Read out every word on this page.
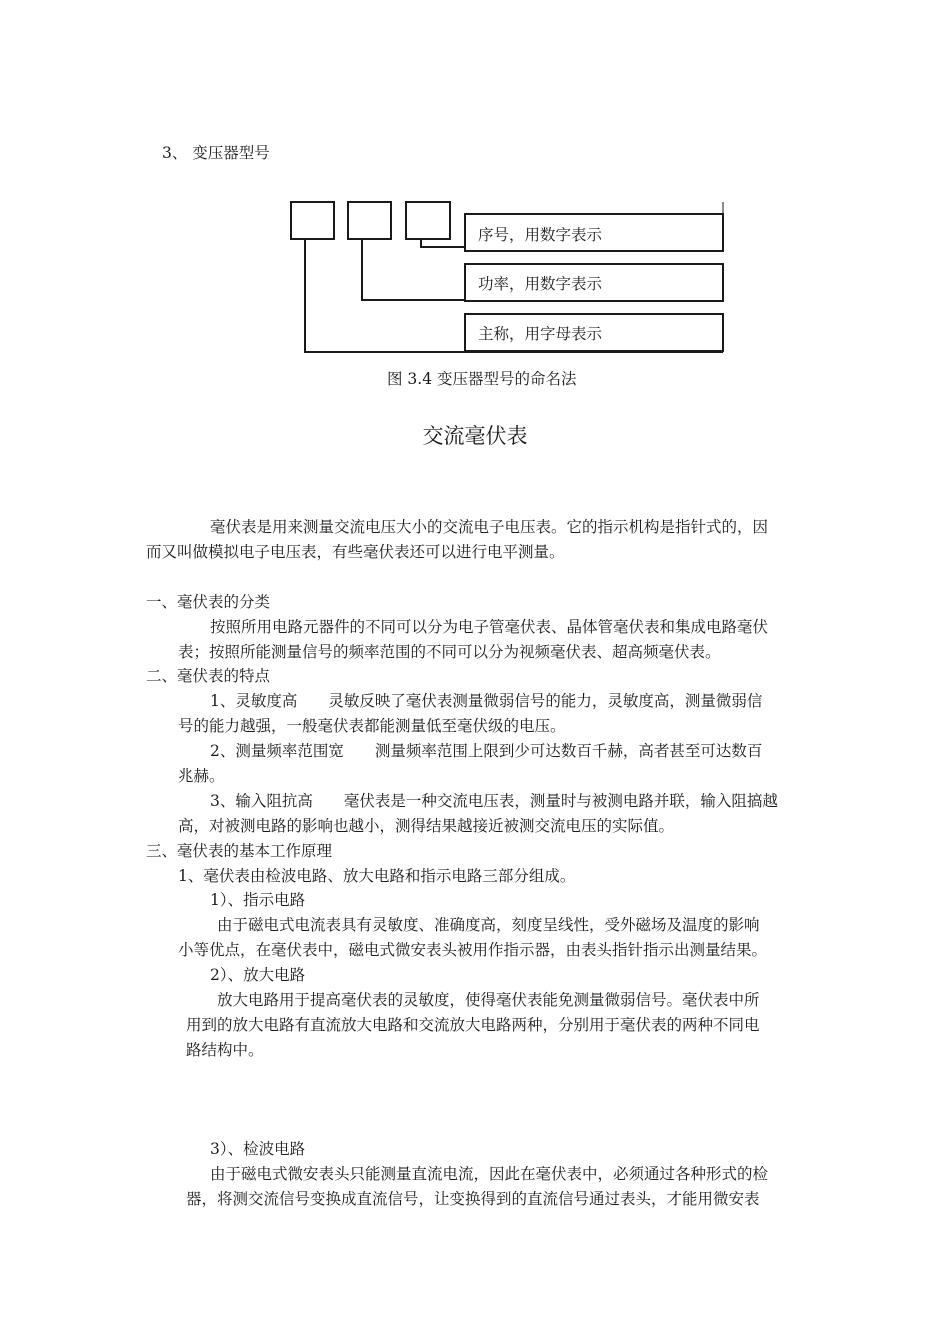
3、 变压器型号
序号，用数字表示
功率，用数字表示
主称，用字母表示
图 3.4 变压器型号的命名法
交流毫伏表
毫伏表是用来测量交流电压大小的交流电子电压表。它的指示机构是指针式的，因
而又叫做模拟电子电压表，有些毫伏表还可以进行电平测量。
一、毫伏表的分类
按照所用电路元器件的不同可以分为电子管毫伏表、晶体管毫伏表和集成电路毫伏
表；按照所能测量信号的频率范围的不同可以分为视频毫伏表、超高频毫伏表。
二、毫伏表的特点
1、灵敏度高　　灵敏反映了毫伏表测量微弱信号的能力，灵敏度高，测量微弱信
号的能力越强，一般毫伏表都能测量低至毫伏级的电压。
2、测量频率范围宽　　测量频率范围上限到少可达数百千赫，高者甚至可达数百
兆赫。
3、输入阻抗高　　毫伏表是一种交流电压表，测量时与被测电路并联，输入阻搞越
高，对被测电路的影响也越小，测得结果越接近被测交流电压的实际值。
三、毫伏表的基本工作原理
1、毫伏表由检波电路、放大电路和指示电路三部分组成。
1）、指示电路
由于磁电式电流表具有灵敏度、准确度高，刻度呈线性，受外磁场及温度的影响
小等优点，在毫伏表中，磁电式微安表头被用作指示器，由表头指针指示出测量结果。
2）、放大电路
放大电路用于提高毫伏表的灵敏度，使得毫伏表能免测量微弱信号。毫伏表中所
用到的放大电路有直流放大电路和交流放大电路两种，分别用于毫伏表的两种不同电
路结构中。
3）、检波电路
由于磁电式微安表头只能测量直流电流，因此在毫伏表中，必须通过各种形式的检
器，将测交流信号变换成直流信号，让变换得到的直流信号通过表头，才能用微安表
